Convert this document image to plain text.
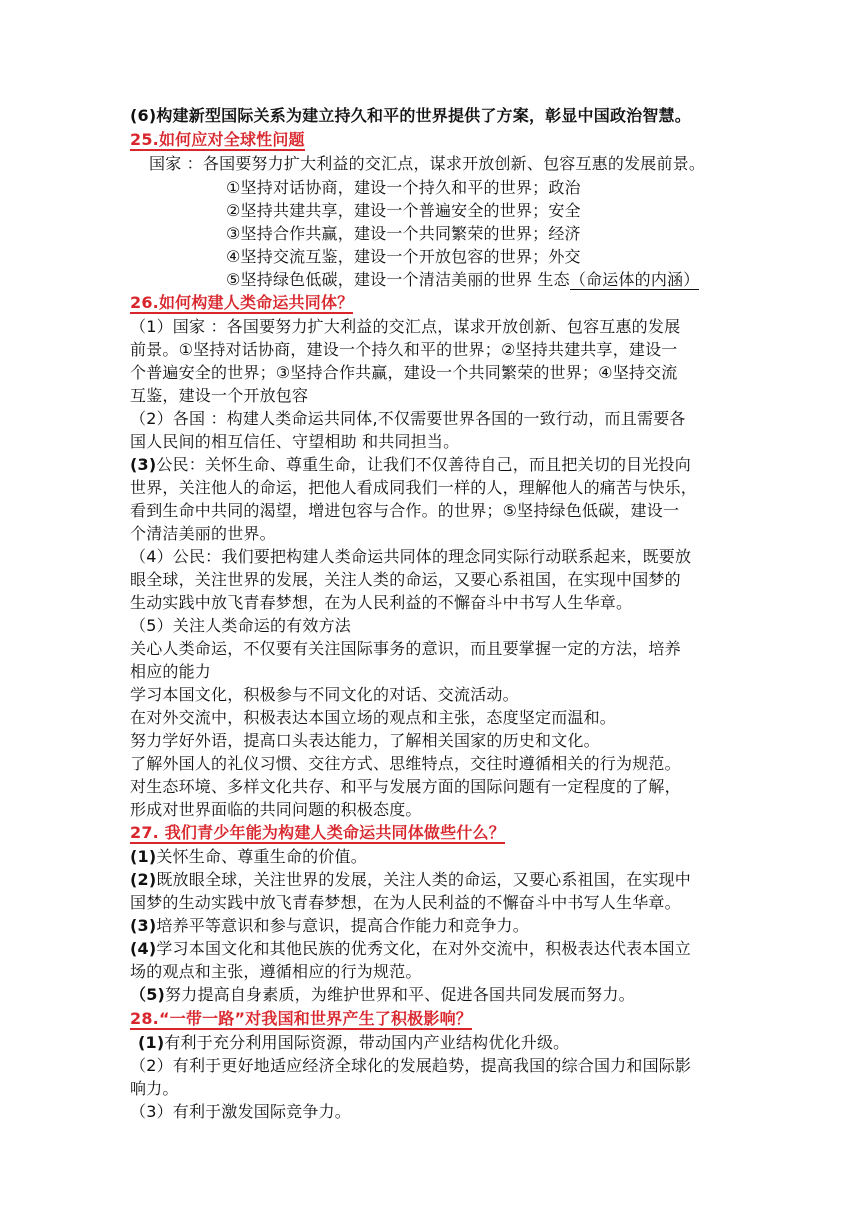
(6)构建新型国际关系为建立持久和平的世界提供了方案，彰显中国政治智慧。
25.如何应对全球性问题
国家 ：各国要努力扩大利益的交汇点，谋求开放创新、包容互惠的发展前景。
①坚持对话协商，建设一个持久和平的世界；政治
②坚持共建共享，建设一个普遍安全的世界；安全
③坚持合作共赢，建设一个共同繁荣的世界；经济
④坚持交流互鉴，建设一个开放包容的世界；外交
⑤坚持绿色低碳，建设一个清洁美丽的世界 生态（命运体的内涵）
26.如何构建人类命运共同体？
（1）国家 ：各国要努力扩大利益的交汇点，谋求开放创新、包容互惠的发展
前景。①坚持对话协商，建设一个持久和平的世界；②坚持共建共享，建设一
个普遍安全的世界；③坚持合作共赢，建设一个共同繁荣的世界；④坚持交流
互鉴，建设一个开放包容
（2）各国 ：构建人类命运共同体,不仅需要世界各国的一致行动，而且需要各
国人民间的相互信任、守望相助 和共同担当。
(3)公民：关怀生命、尊重生命，让我们不仅善待自己，而且把关切的目光投向
世界，关注他人的命运，把他人看成同我们一样的人，理解他人的痛苦与快乐，
看到生命中共同的渴望，增进包容与合作。的世界；⑤坚持绿色低碳，建设一
个清洁美丽的世界。
（4）公民：我们要把构建人类命运共同体的理念同实际行动联系起来，既要放
眼全球，关注世界的发展，关注人类的命运，又要心系祖国，在实现中国梦的
生动实践中放飞青春梦想，在为人民利益的不懈奋斗中书写人生华章。
（5）关注人类命运的有效方法
关心人类命运，不仅要有关注国际事务的意识，而且要掌握一定的方法，培养
相应的能力
学习本国文化，积极参与不同文化的对话、交流活动。
在对外交流中，积极表达本国立场的观点和主张，态度坚定而温和。
努力学好外语，提高口头表达能力，了解相关国家的历史和文化。
了解外国人的礼仪习惯、交往方式、思维特点，交往时遵循相关的行为规范。
对生态环境、多样文化共存、和平与发展方面的国际问题有一定程度的了解，
形成对世界面临的共同问题的积极态度。
27. 我们青少年能为构建人类命运共同体做些什么？
(1)关怀生命、尊重生命的价值。
(2)既放眼全球，关注世界的发展，关注人类的命运，又要心系祖国，在实现中
国梦的生动实践中放飞青春梦想，在为人民利益的不懈奋斗中书写人生华章。
(3)培养平等意识和参与意识，提高合作能力和竞争力。
(4)学习本国文化和其他民族的优秀文化，在对外交流中，积极表达代表本国立
场的观点和主张，遵循相应的行为规范。
（5)努力提高自身素质，为维护世界和平、促进各国共同发展而努力。
28.“一带一路”对我国和世界产生了积极影响？
(1)有利于充分利用国际资源，带动国内产业结构优化升级。
（2）有利于更好地适应经济全球化的发展趋势，提高我国的综合国力和国际影
响力。
（3）有利于激发国际竞争力。
